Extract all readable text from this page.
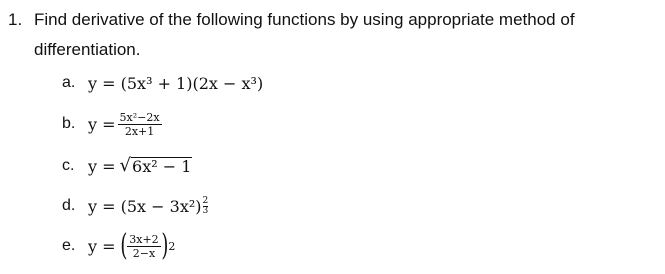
1. Find derivative of the following functions by using appropriate method of
differentiation.
a. y = (5x³ + 1)(2x − x³)
b. $y = \frac{\text{5x²−2x}}{2x+1}$
c. y = √ 6x² − 1
d. y = (5x − 3x²) 2
3
e. y = ( $\frac{3x+2}{2-x}$ ) 2
